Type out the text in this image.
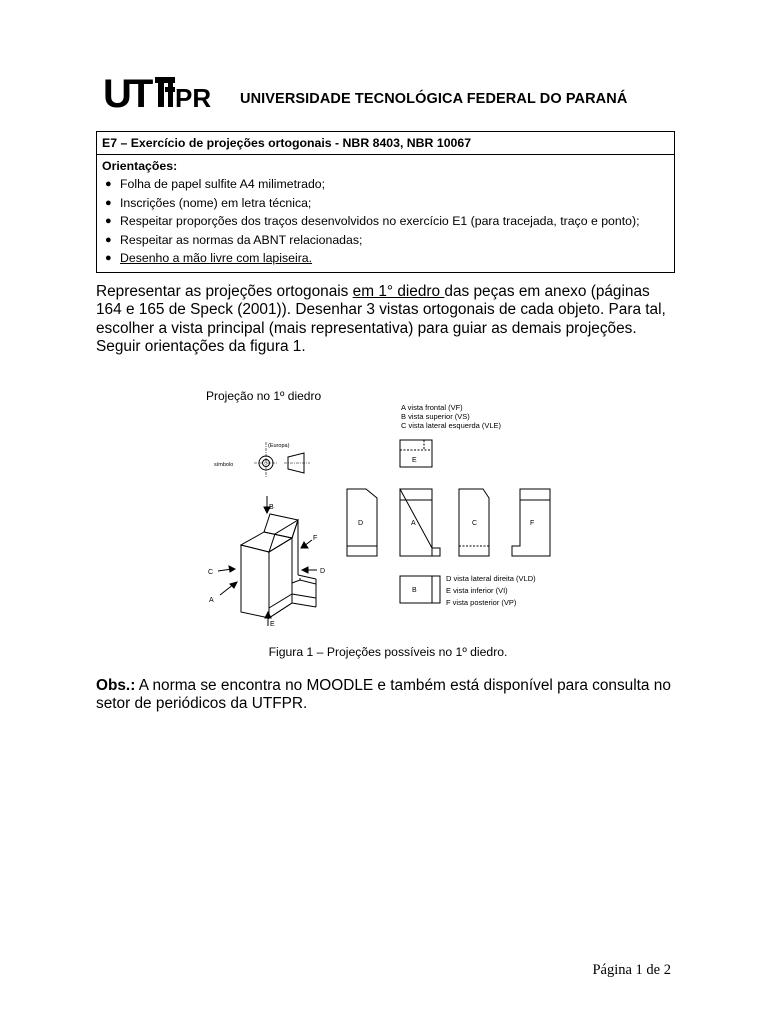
UT PR UNIVERSIDADE TECNOLÓGICA FEDERAL DO PARANÁ
E7 – Exercício de projeções ortogonais - NBR 8403, NBR 10067
Orientações:
● Folha de papel sulfite A4 milimetrado;
● Inscrições (nome) em letra técnica;
● Respeitar proporções dos traços desenvolvidos no exercício E1 (para tracejada, traço e ponto);
● Respeitar as normas da ABNT relacionadas;
● Desenho a mão livre com lapiseira.
Representar as projeções ortogonais em 1° diedro das peças em anexo (páginas 164 e 165 de Speck (2001)). Desenhar 3 vistas ortogonais de cada objeto. Para tal, escolher a vista principal (mais representativa) para guiar as demais projeções. Seguir orientações da figura 1.
Projeção no 1º diedro
A vista frontal (VF)
B vista superior (VS)
C vista lateral esquerda (VLE)
(Europa)
símbolo
E
B
F
C	D
A
E
D	A	C	F
B
D vista lateral direita (VLD)
E vista inferior (VI)
F vista posterior (VP)
Figura 1 – Projeções possíveis no 1º diedro.
Obs.: A norma se encontra no MOODLE e também está disponível para consulta no setor de periódicos da UTFPR.
Página 1 de 2
